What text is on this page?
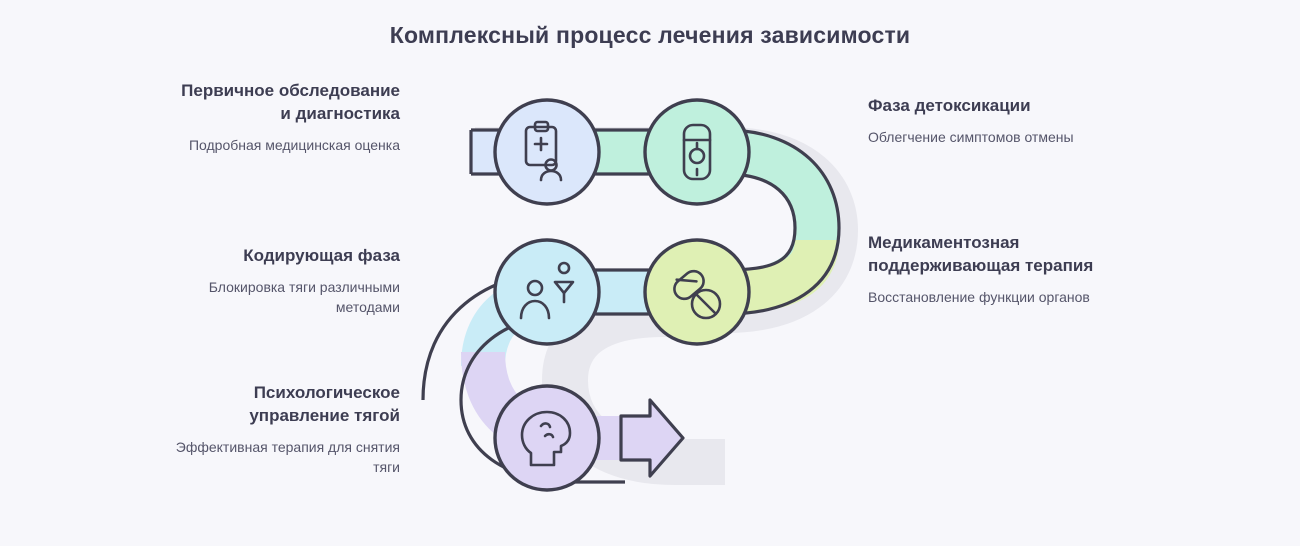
Комплексный процесс лечения зависимости
Первичное обследование и диагностика
Подробная медицинская оценка
Кодирующая фаза
Блокировка тяги различными методами
Психологическое управление тягой
Эффективная терапия для снятия тяги
Фаза детоксикации
Облегчение симптомов отмены
Медикаментозная поддерживающая терапия
Восстановление функции органов
